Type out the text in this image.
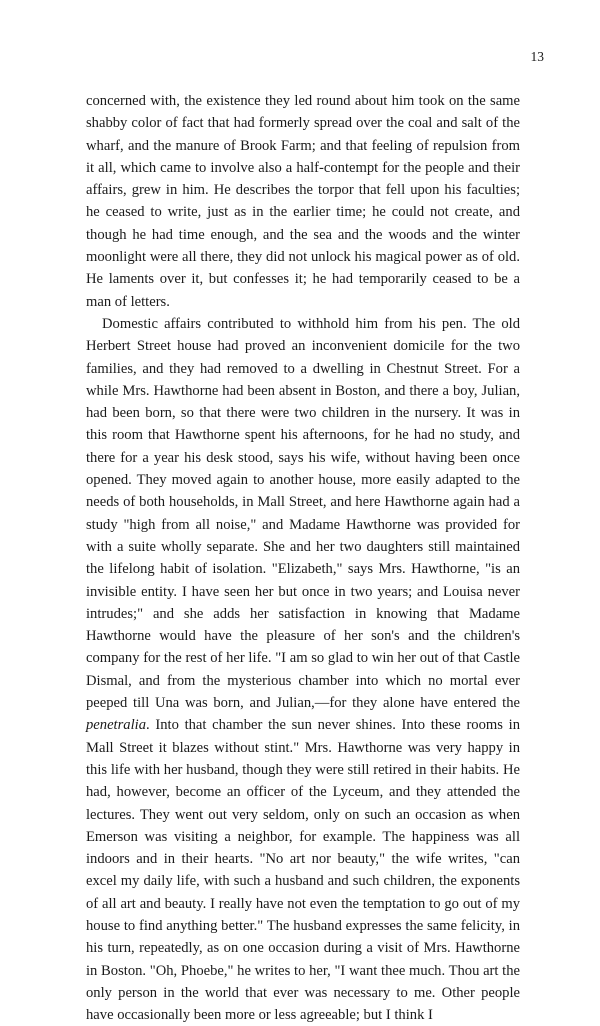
13

concerned with, the existence they led round about him took on the same shabby color of fact that had formerly spread over the coal and salt of the wharf, and the manure of Brook Farm; and that feeling of repulsion from it all, which came to involve also a half-contempt for the people and their affairs, grew in him. He describes the torpor that fell upon his faculties; he ceased to write, just as in the earlier time; he could not create, and though he had time enough, and the sea and the woods and the winter moonlight were all there, they did not unlock his magical power as of old. He laments over it, but confesses it; he had temporarily ceased to be a man of letters.

Domestic affairs contributed to withhold him from his pen. The old Herbert Street house had proved an inconvenient domicile for the two families, and they had removed to a dwelling in Chestnut Street. For a while Mrs. Hawthorne had been absent in Boston, and there a boy, Julian, had been born, so that there were two children in the nursery. It was in this room that Hawthorne spent his afternoons, for he had no study, and there for a year his desk stood, says his wife, without having been once opened. They moved again to another house, more easily adapted to the needs of both households, in Mall Street, and here Hawthorne again had a study "high from all noise," and Madame Hawthorne was provided for with a suite wholly separate. She and her two daughters still maintained the lifelong habit of isolation. "Elizabeth," says Mrs. Hawthorne, "is an invisible entity. I have seen her but once in two years; and Louisa never intrudes;" and she adds her satisfaction in knowing that Madame Hawthorne would have the pleasure of her son's and the children's company for the rest of her life. "I am so glad to win her out of that Castle Dismal, and from the mysterious chamber into which no mortal ever peeped till Una was born, and Julian,—for they alone have entered the penetralia. Into that chamber the sun never shines. Into these rooms in Mall Street it blazes without stint." Mrs. Hawthorne was very happy in this life with her husband, though they were still retired in their habits. He had, however, become an officer of the Lyceum, and they attended the lectures. They went out very seldom, only on such an occasion as when Emerson was visiting a neighbor, for example. The happiness was all indoors and in their hearts. "No art nor beauty," the wife writes, "can excel my daily life, with such a husband and such children, the exponents of all art and beauty. I really have not even the temptation to go out of my house to find anything better." The husband expresses the same felicity, in his turn, repeatedly, as on one occasion during a visit of Mrs. Hawthorne in Boston. "Oh, Phoebe," he writes to her, "I want thee much. Thou art the only person in the world that ever was necessary to me. Other people have occasionally been more or less agreeable; but I think I
